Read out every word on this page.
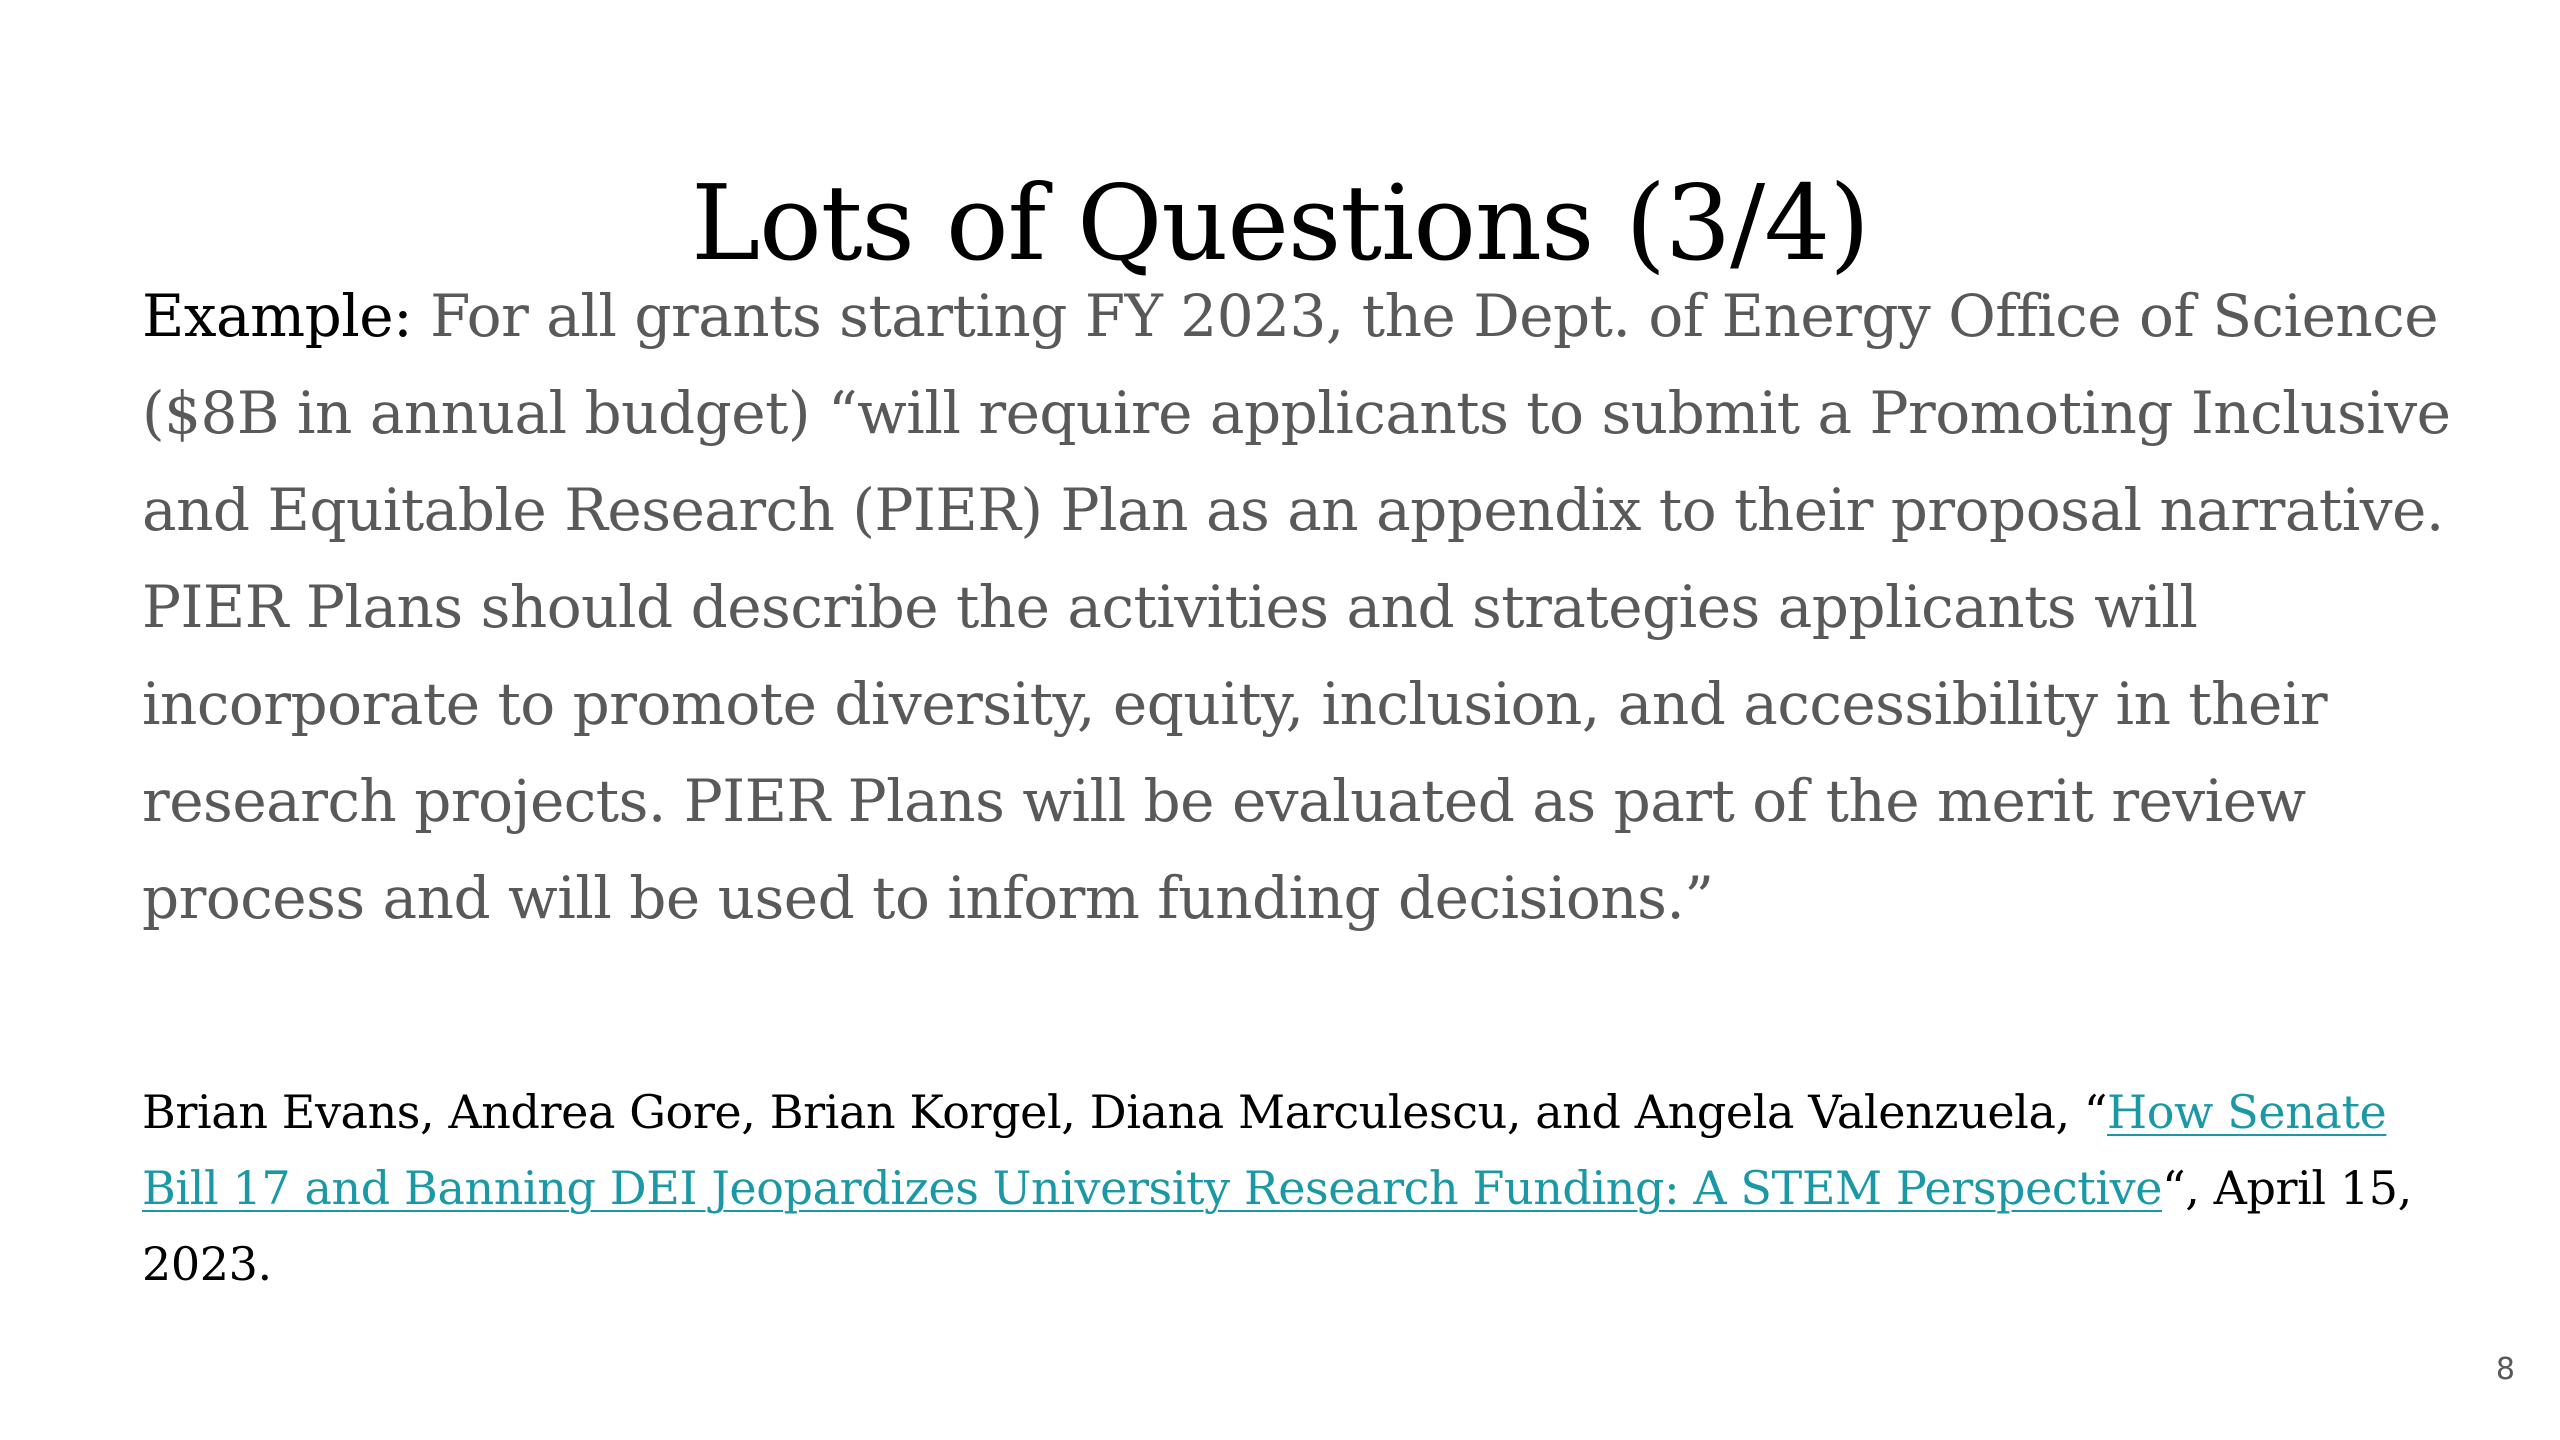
Lots of Questions (3/4)
Example: For all grants starting FY 2023, the Dept. of Energy Office of Science ($8B in annual budget) “will require applicants to submit a Promoting Inclusive and Equitable Research (PIER) Plan as an appendix to their proposal narrative. PIER Plans should describe the activities and strategies applicants will incorporate to promote diversity, equity, inclusion, and accessibility in their research projects. PIER Plans will be evaluated as part of the merit review process and will be used to inform funding decisions.”
Brian Evans, Andrea Gore, Brian Korgel, Diana Marculescu, and Angela Valenzuela, “How Senate Bill 17 and Banning DEI Jeopardizes University Research Funding: A STEM Perspective“, April 15, 2023.
8
